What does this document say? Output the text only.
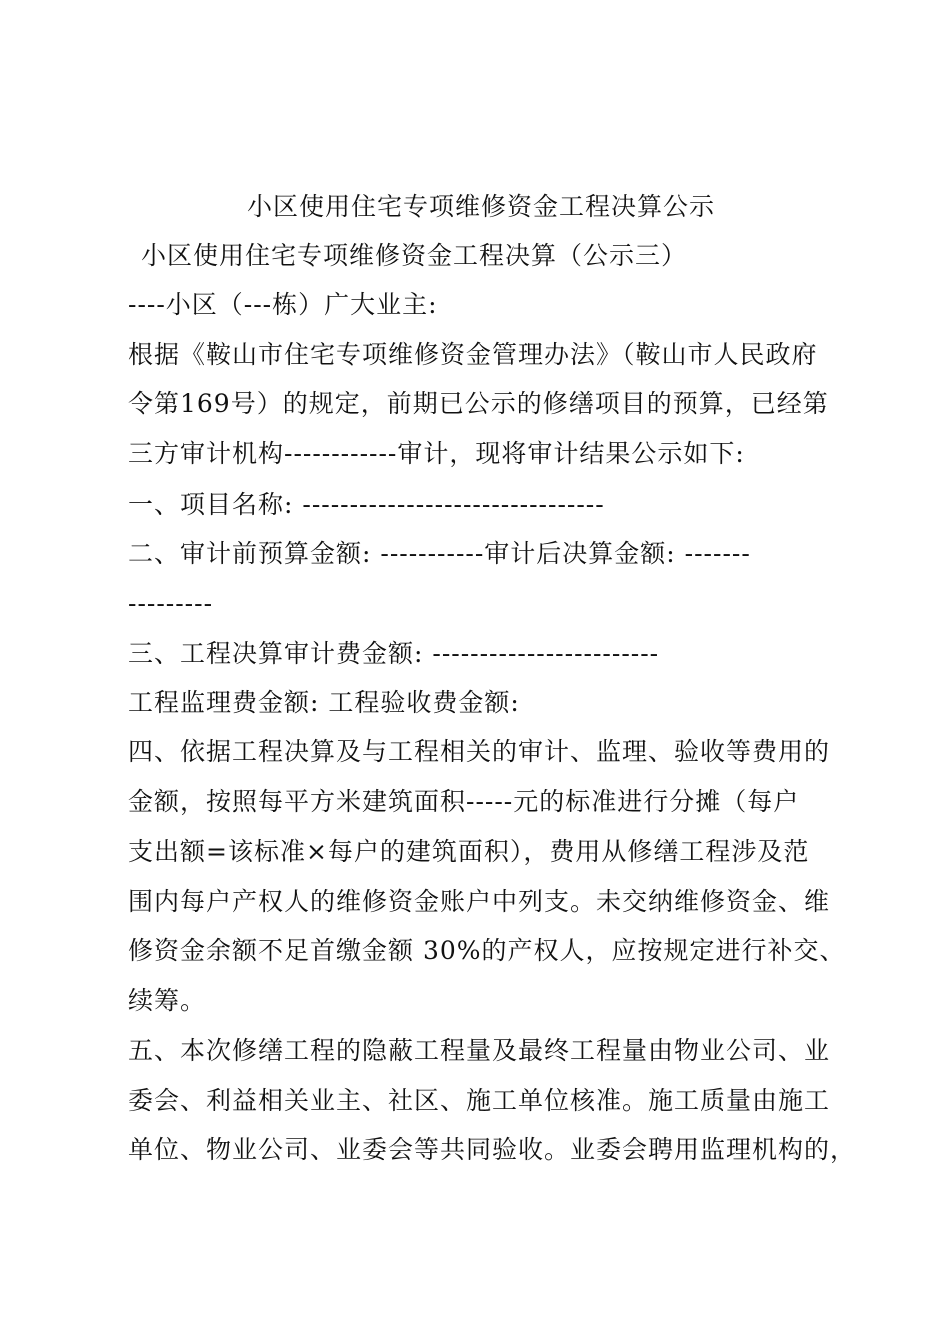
小区使用住宅专项维修资金工程决算公示
小区使用住宅专项维修资金工程决算（公示三）
----小区（---栋）广大业主:
根据《鞍山市住宅专项维修资金管理办法》（鞍山市人民政府
令第169号）的规定，前期已公示的修缮项目的预算，已经第
三方审计机构------------审计，现将审计结果公示如下:
一、项目名称: --------------------------------
二、审计前预算金额: -----------审计后决算金额: -------
---------
三、工程决算审计费金额: ------------------------
工程监理费金额: 工程验收费金额:
四、依据工程决算及与工程相关的审计、监理、验收等费用的
金额，按照每平方米建筑面积-----元的标准进行分摊（每户
支出额=该标准×每户的建筑面积），费用从修缮工程涉及范
围内每户产权人的维修资金账户中列支。未交纳维修资金、维
修资金余额不足首缴金额 30%的产权人，应按规定进行补交、
续筹。
五、本次修缮工程的隐蔽工程量及最终工程量由物业公司、业
委会、利益相关业主、社区、施工单位核准。施工质量由施工
单位、物业公司、业委会等共同验收。业委会聘用监理机构的，
